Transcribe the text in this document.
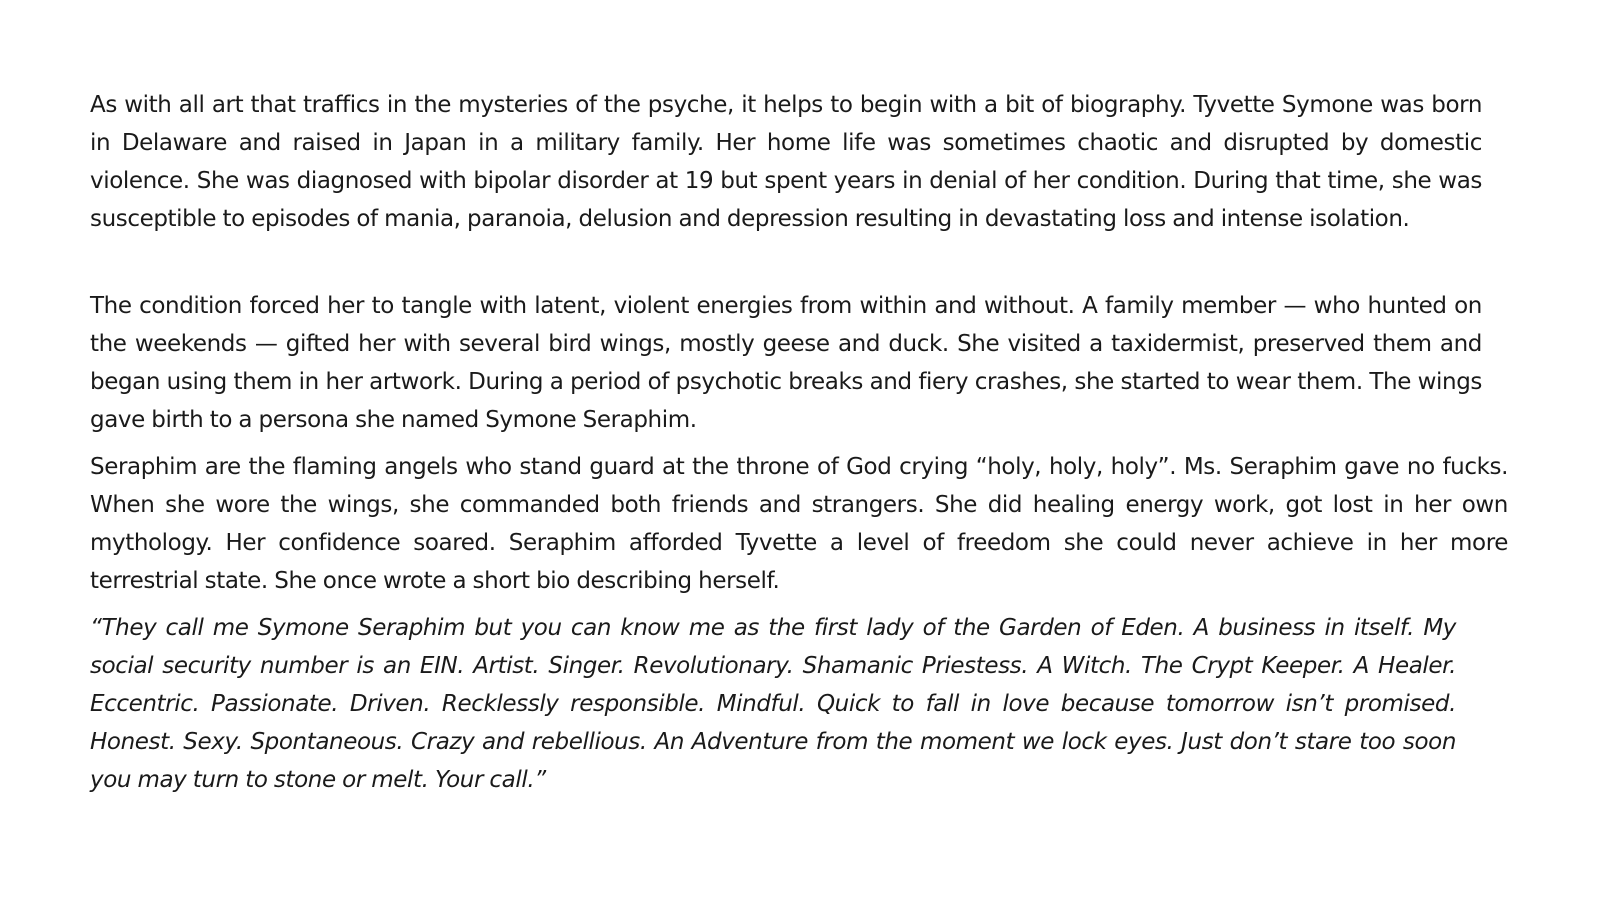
As with all art that traffics in the mysteries of the psyche, it helps to begin with a bit of biography. Tyvette Symone was born in Delaware and raised in Japan in a military family. Her home life was sometimes chaotic and disrupted by domestic violence. She was diagnosed with bipolar disorder at 19 but spent years in denial of her condition. During that time, she was susceptible to episodes of mania, paranoia, delusion and depression resulting in devastating loss and intense isolation.

The condition forced her to tangle with latent, violent energies from within and without. A family member — who hunted on the weekends — gifted her with several bird wings, mostly geese and duck. She visited a taxidermist, preserved them and began using them in her artwork. During a period of psychotic breaks and fiery crashes, she started to wear them. The wings gave birth to a persona she named Symone Seraphim.

Seraphim are the flaming angels who stand guard at the throne of God crying “holy, holy, holy”. Ms. Seraphim gave no fucks. When she wore the wings, she commanded both friends and strangers. She did healing energy work, got lost in her own mythology. Her confidence soared. Seraphim afforded Tyvette a level of freedom she could never achieve in her more terrestrial state. She once wrote a short bio describing herself.

“They call me Symone Seraphim but you can know me as the first lady of the Garden of Eden. A business in itself. My social security number is an EIN. Artist. Singer. Revolutionary. Shamanic Priestess. A Witch. The Crypt Keeper. A Healer. Eccentric. Passionate. Driven. Recklessly responsible. Mindful. Quick to fall in love because tomorrow isn’t promised. Honest. Sexy. Spontaneous. Crazy and rebellious. An Adventure from the moment we lock eyes. Just don’t stare too soon you may turn to stone or melt. Your call.”
